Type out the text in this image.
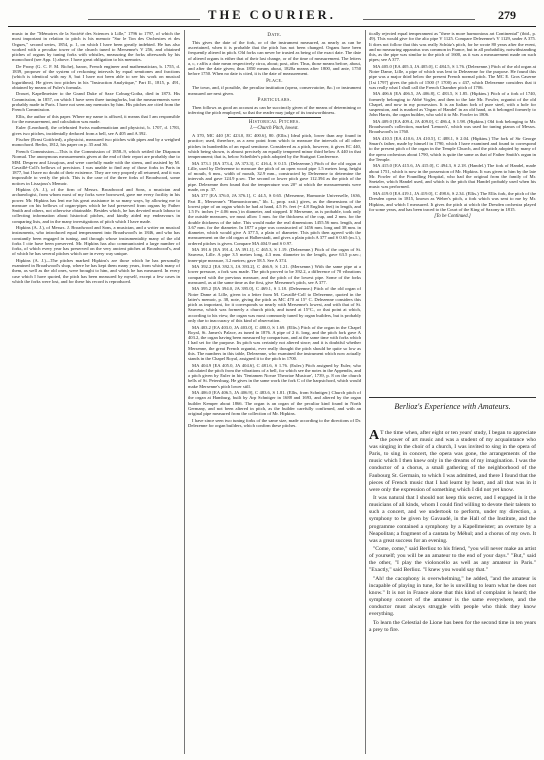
THE COURIER.	279

music in the "Mémoires de la Société des Sciences à Lille," 1796 to 1797, of which the most important in relation to pitch is his memoir "Sur le Ton des Orchestres et des Orgues," second series, 1854, p. 1, on which I have been greatly indebted. He has also worked with a peculiar tower of the church tuned to Mersenne's V 256, and obtained pitches of organs by tuning forks with whistles, measuring the forks afterwards by his monochord (see App. 1) above. I have great obligation to his memoirs.

De Prony (G. C. F. M. Riche), baron, French engineer and mathematician, b. 1755, d. 1839, proposer of the system of reckoning intervals by equal semitones and fractions (which is identical with my S, but I have not been able to see his work on musical logarithms). He gives two pitches in his "Instruction Analytique," Part II., 1815, p. 491, obtained by means of Fuler's formula.

Drouet, Kapellmeister to the Grand Duke of Saxe Coburg-Gotha, died in 1873. His Commission, in 1857, on which I have seen three tuningforks, but the measurements were probably made in Paris. I have not seen any memoirs by him. His pitches are cited from the French Commission.

Ellis, the author of this paper. Where my name is affixed, it means that I am responsible for the measurement, and calculation was made.

Euler (Leonhard), the celebrated Swiss mathematician and physicist, b. 1707, d. 1783, gives two pitches, incidentally deduced from a bell, see A 405 and A 392.

Fischer (Ernst Gottfried), a physicist, measured two pitches with pipes and by a weighed monochord. Berlin, 1812, his paper on p. 35 and 36.

French Commission.—This is the Commission of 1858–9, which settled the Diapason Normal. The anonymous measurements given at the end of their report are probably due to MM. Desprez and Lissajous, and were carefully made with the sirens, and assisted by M. Cavaillé-Coll's bellows of precision. I was unable to find any of those forks in Paris in 1877, but I have no doubt of their existence. They are very properly all returned, and it was impossible to verify the pitch. This is the case of the three forks of Broadwood, some notices in Lissajous's Memoir.

Hipkins (A. J.), of the firm of Messrs. Broadwood and Sons, a musician and archaeologist, from whom most of my forks were borrowed, gave me every facility in his power. Mr. Hipkins has lent me his great assistance in so many ways, by allowing me to measure on his bellows of organ-pipes which he had preserved from organs by Father Smith and others, not otherwise obtainable. Besides which, he has devoted much labour to collecting information about historical pitches, and kindly aided my endeavours in comparing lists, and in the many investigations of pitch which I have made.

Hipkins (A. J.), of Messrs. J. Broadwood and Sons, a musician, and a writer on musical instruments, who introduced equal temperament into Broadwood's in 1846, and who has constantly been engaged in tuning, and through whose instrumentality many of the old forks I cite have been preserved. Mr. Hipkins has also communicated a large number of forks, of which every year has preserved on the very ancient pitches at Broadwood's, and of which he has several pitches which are in every way unique.

Hipkins (A. J.)—The pitches marked Hipkins's are those which he has personally examined in Broadwood's shop, where he has kept them many years, from which many of them, as well as the old ones, were brought to him, and which he has measured. In every case which I have quoted, the pitch has been measured by myself, except a few cases in which the forks were lost, and for these his record is reproduced.

Date.

This gives the date of the fork, or of the instrument measured, as nearly as can be ascertained, when it is probable that the pitch has not been changed. Organs have been frequently altered in pitch. Old forks can never be trusted as being of the exact date. The date of altered organs is either that of their last change, or of the time of measurement. The letters a, c, r affix a date mean respectively circa, about; post, after. Thus, those means before, about, and after the date given; thus 1850 means about, 1820a means after 1800, and ante, 1750 before 1750. When no date is cited, it is the date of measurement.

Place.

The town, and, if possible, the peculiar institution (opera, conservatoire, &c.) or instrument measured are next given.

Particulars.

Then follows as good an account as can be succinctly given of the means of determining or inferring the pitch employed, so that the reader may judge of its trustworthiness.

Historical Pitches.
I.—Church Pitch, lowest.

A 370, MC 440 [JC 423.0, EC 400.6], 80. (Ellis.) Ideal pitch, lower than any found in practice; used, therefore, as a zero point from which to measure the intervals of all other pitches in hundredths of an equal semitone. Considered as a pitch, however, it gives EC 440, which being shown, is almost precisely an equally tempered minor third below A 440 in that temperament; that is, below Scheibler's pitch adopted by the Stuttgart Conference.

MA 373.1 [EA 373.4, JA 373.3], C 416.4, S 0.15. (Delezenne.) Pitch of the old organ at Lille, used by Delezenne to measure the pitch of an open wood pipe 1.5 metres long, height of mouth, 6 mm., width of mouth, 32.9 mm., constructed by Delezenne to determine the intervals and gave 124.9 p.sec. The second or lower pitch gave 112.394 as the pitch of the pipe. Delezenne then found that the temperature was 20° at which the measurements were made, on p. 37.

MA 377 [EA 376.0, JA 376.1], C 44.5, S 0.65. (Mersenne, Harmonie Universelle, 1636, Part II., Mersenne's "Harmonicorum," lib. I., prop. xxii.) gives, as the dimensions of the lowest pipe of an organ which he had at hand, 4.5 Fr. feet (= 4.8 English feet) in length, and 1.5 Fr. inches (= 4.06 mm.) in diameter, and stopped. If Mersenne, as is probable, took only the outside measures, we must allow 1 mm. for the thickness of the cup, and 2 mm. for the double thickness of the tube. This would make the real dimensions 1455.56 mm. length, and 3.67 mm. for the diameter. In 1877 a pipe was constructed of 1456 mm. long and 38 mm. in diameter, which would give A 377.5, a plain of diameter. This pitch then agreed with the measurement on the old organ at Halberstadt, and gives a plain pitch A 377 and S 0.65 (m.1.), ordered pitches is given. Compare MA 404.9 and S 0.97.

MA 391.6 [EA 391.4, JA 391.1], C 465.3, S 1.19. (Delezenne.) Pitch of the organ of St. Sauveur, Lille. A pipe 3.5 metres long, 4.3 mm. diameter in the length, gave 63.5 p.sec.; inner-pipe measure, 3.2 metres; gave 58.5. See A 374.

MA 392.2 [EA 392.3, JA 393.2], C 466.9, S 1.21. (Mersenne.) With the same pipe at a lower pressure, a fork was made. The pitch proved to be 392.2, a difference of 70 vibrations compared with the previous measure, and the pitch of the lowest pipe. Some of the forks measured, as at the same time as the first, give Mersenne's pitch, see A 377.

MA 395.2 [EA 394.0, JA 395.0], C 469.1, S 1.18. (Delezenne.) Pitch of the old organ of Notre Dame at Lille, given in a letter from M. Cavaillé-Coll to Delezenne, quoted in the latter's memoir, p. 38, note, giving the pitch as MC 470 at 15° C. Delezenne considers this pitch as important, for it corresponds so nearly with Mersenne's lowest, and with that of St. Sauveur, which was formerly a church pitch, and tuned at 15°C., or that point at which, according to his view, the organ was most commonly tuned by organ builders, but is probably only due to inaccuracy of this kind of observation.

MA 403.2 [EA 403.0, JA 403.0], C 480.0, S 1.69. (Ellis.) Pitch of the organ in the Chapel Royal, St. James's Palace, as tuned in 1876. A pipe of 2 ft. long, and the pitch fork gave A 403.2, the organ having been measured by comparison, and at the same time with forks which I had set for the purpose. Its pitch was certainly not altered since; and it is doubtful whether Mersenne, the great French organist, ever really thought the pitch should be quite so low as this. The numbers in this table, Delezenne, who examined the instrument which now actually stands in the Chapel Royal, assigned it to the pitch in 1700.

MA 404.9 [EA 405.0, JA 404.6], C 481.6, S 1.76. (Euler.) Pitch assigned by Euler, who calculated the pitch from the vibrations of a bell, for which see the notes in the Appendix, and a pitch given by Euler in his 'Tentamen Novae Theoriae Musicae', 1739, p. 8 on the church bells of St. Petersburg. He gives in the same work the fork C of the harpsichord, which would make Mersenne's pitch lower still.

MA 406.0 [EA 406.5, JA 406.9], C 483.6, S 1.81. (Ellis, from Schnitger.) Church pitch of the organ at Hamburg, built by Arp Schnitger in 1688 and 1693, and altered by the organ builder Kemper about 1866. The organ is an organ of the peculiar kind found in North Germany, and not been altered in pitch, as the builder carefully confirmed, and with an original pipe measured from the collection of Mr. Hipkins.

I have since seen two tuning forks of the same size, made according to the directions of Dr. Delezenne for organ builders, which confirm these pitches.

tically rejected equal temperament as "there is more harmonious art Continental" (ibid., p. 49). This would give for the alto pipe V 1125. Compare Delezenne's V 1129, under A 375. It does not follow that this was really Schütz's pitch, for he wrote 80 years after the event, and no measuring apparatus was common in France, but in all probability, notwithstanding this, as the pipe was similar to the pitch of 1600, as it was a measurement made on such pipes; see A 377.

MA 405.0 [EA 405.3, JA 405.0], C 484.5, S 1.76. (Delezenne.) Pitch of the old organ at Notre Dame, Lille, a pipe of which was lent to Delezenne for the purpose. He found this pipe was a major third below the present French normal pitch. The MC E. Gros Caserne [1st 1797] gives the pitch of 1500 (? 1700) as c 437, which Delezenne considers that it was really what I shall call the French Chamber pitch of 1706.

MA 406.6 [EA 406.5, JA 406.8], C 483.5, S 1.85. (Hipkins.) Pitch of a fork of 1740, formerly belonging to Abbé Vogler, and then to the late Mr. Fowler, organist of the old Chapel, and now in my possession. It is an Italian fork of pure steel, with a hole for suspension, and is marked as 'Organ of Handel' in an old hand, as it belonged formerly to John Harris, the organ builder, who sold it to Mr. Fowler in 1806.

MA 409.0 [EA 409.4, JA 409.0], C 486.4, S 1.98. (Hipkins.) Old fork belonging to Mr. Broadwood's collection, marked 'Lemon's', which was used for tuning pianos of Messrs. Broadwood's in 1760.

MA 410.5 [EA 410.6, JA 410.5], C 488.1, S 2.04. (Hipkins.) The fork of Sir George Smart's father, made by himself in 1790, which I have examined and found to correspond to the present pitch of the organ in the Temple Church, and the pitch adopted by many of the opera orchestras about 1790, which is quite the same as that of Father Smith's organ in the Temple.

MA 415.0 [EA 415.6, JA 415.0], C 494.3, S 2.18. (Handel.) The fork of Handel, made about 1751, which is now in the possession of Mr. Hipkins. It was given to him by the late Mr. Fowler of the Foundling Hospital, who had the original from the family of Mr. Snetzler, which Handel used, and which is the pitch that Handel probably used when his music was performed.

MA 419.0 [EA 419.1, JA 419.0], C 498.6, S 2.34. (Ellis.) The Ellis fork, the pitch of the Dresden opera in 1815, known as Weber's pitch, a fork which was sent to me by Mr. Hipkins, and which I measured. It gives the pitch at which the Dresden orchestra played for some years, and has been traced to the Court of the King of Saxony in 1815.

[To be Continued.]
Berlioz's Experience with Amateurs.

A T the time when, after eight or ten years' study, I began to appreciate the power of art music and was a student of my acquaintance who was singing in the choir of a church, I was invited to sing in the opera of Paris, to sing in concert, the opera was gone, the arrangements of the music which I then knew only in the dreams of my imagination. I was the conductor of a chorus, a small gathering of the neighborhood of the Faubourg St. Germain, to which I was admitted, and there I found that the pieces of French music that I had learnt by heart, and all that was in it were only the expression of something which I did not yet know.

It was natural that I should not keep this secret, and I engaged in it the musicians of all kinds, whom I could find willing to devote their talents to such a concert, and we undertook to perform, under my direction, a symphony to be given by Gavaudé, in the Hall of the Institute, and the programme contained a symphony by a Kapellmeister; an overture by a Neapolitan; a fragment of a cantata by Méhul; and a chorus of my own. It was a great success for an evening.

"Come, come," said Berlioz to his friend, "you will never make an artist of yourself; you will be an amateur to the end of your days." "But," said the other, "I play the violoncello as well as any amateur in Paris." "Exactly," said Berlioz. "I knew you would say that."

"Ah! the cacophony is overwhelming," he added, "and the amateur is incapable of playing in tune, for he is unwilling to learn what he does not know." It is not in France alone that this kind of complaint is heard; the symphony concert of the amateur is the same everywhere, and the conductor must always struggle with people who think they know everything.

To learn the Celestial de Lione has been for the second time in ten years a prey to fire.
